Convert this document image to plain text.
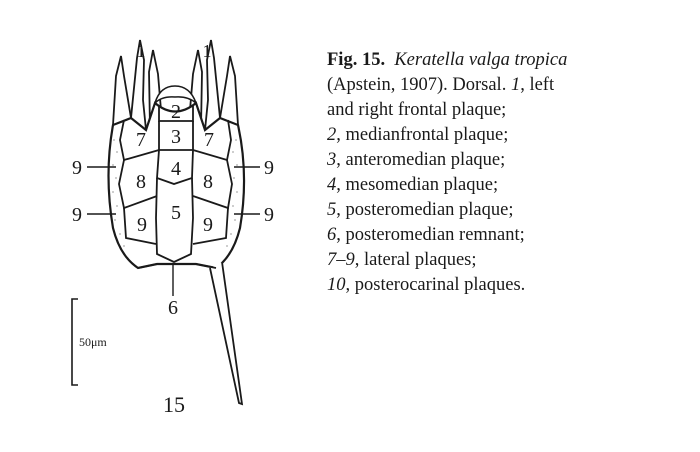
1	1
2
3
4
5
6
7	7
8	8
9	9
9
9
9
9
50μm
15
Fig. 15. Keratella valga tropica
(Apstein, 1907). Dorsal. 1, left
and right frontal plaque;
2, medianfrontal plaque;
3, anteromedian plaque;
4, mesomedian plaque;
5, posteromedian plaque;
6, posteromedian remnant;
7–9, lateral plaques;
10, posterocarinal plaques.
